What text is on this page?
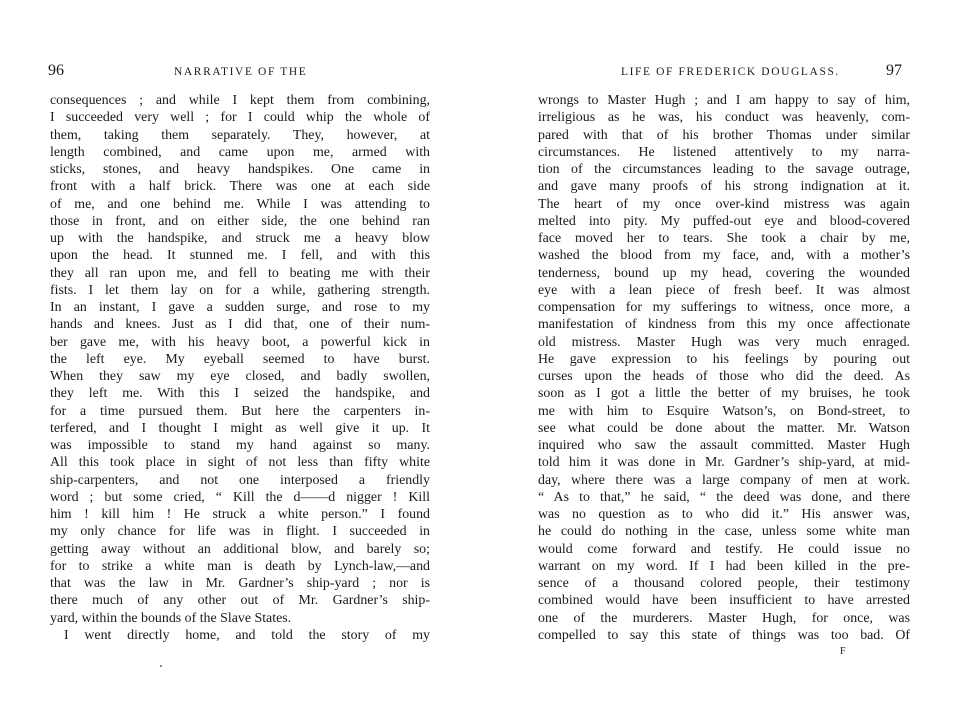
96	NARRATIVE OF THE
consequences ; and while I kept them from combining,
I succeeded very well ; for I could whip the whole of
them, taking them separately. They, however, at
length combined, and came upon me, armed with
sticks, stones, and heavy handspikes. One came in
front with a half brick. There was one at each side
of me, and one behind me. While I was attending to
those in front, and on either side, the one behind ran
up with the handspike, and struck me a heavy blow
upon the head. It stunned me. I fell, and with this
they all ran upon me, and fell to beating me with their
fists. I let them lay on for a while, gathering strength.
In an instant, I gave a sudden surge, and rose to my
hands and knees. Just as I did that, one of their num-
ber gave me, with his heavy boot, a powerful kick in
the left eye. My eyeball seemed to have burst.
When they saw my eye closed, and badly swollen,
they left me. With this I seized the handspike, and
for a time pursued them. But here the carpenters in-
terfered, and I thought I might as well give it up. It
was impossible to stand my hand against so many.
All this took place in sight of not less than fifty white
ship-carpenters, and not one interposed a friendly
word ; but some cried, “ Kill the d——d nigger ! Kill
him ! kill him ! He struck a white person.” I found
my only chance for life was in flight. I succeeded in
getting away without an additional blow, and barely so;
for to strike a white man is death by Lynch-law,—and
that was the law in Mr. Gardner’s ship-yard ; nor is
there much of any other out of Mr. Gardner’s ship-
yard, within the bounds of the Slave States.
I went directly home, and told the story of my
LIFE OF FREDERICK DOUGLASS.	97
wrongs to Master Hugh ; and I am happy to say of him,
irreligious as he was, his conduct was heavenly, com-
pared with that of his brother Thomas under similar
circumstances. He listened attentively to my narra-
tion of the circumstances leading to the savage outrage,
and gave many proofs of his strong indignation at it.
The heart of my once over-kind mistress was again
melted into pity. My puffed-out eye and blood-covered
face moved her to tears. She took a chair by me,
washed the blood from my face, and, with a mother’s
tenderness, bound up my head, covering the wounded
eye with a lean piece of fresh beef. It was almost
compensation for my sufferings to witness, once more, a
manifestation of kindness from this my once affectionate
old mistress. Master Hugh was very much enraged.
He gave expression to his feelings by pouring out
curses upon the heads of those who did the deed. As
soon as I got a little the better of my bruises, he took
me with him to Esquire Watson’s, on Bond-street, to
see what could be done about the matter. Mr. Watson
inquired who saw the assault committed. Master Hugh
told him it was done in Mr. Gardner’s ship-yard, at mid-
day, where there was a large company of men at work.
“ As to that,” he said, “ the deed was done, and there
was no question as to who did it.” His answer was,
he could do nothing in the case, unless some white man
would come forward and testify. He could issue no
warrant on my word. If I had been killed in the pre-
sence of a thousand colored people, their testimony
combined would have been insufficient to have arrested
one of the murderers. Master Hugh, for once, was
compelled to say this state of things was too bad. Of
F
